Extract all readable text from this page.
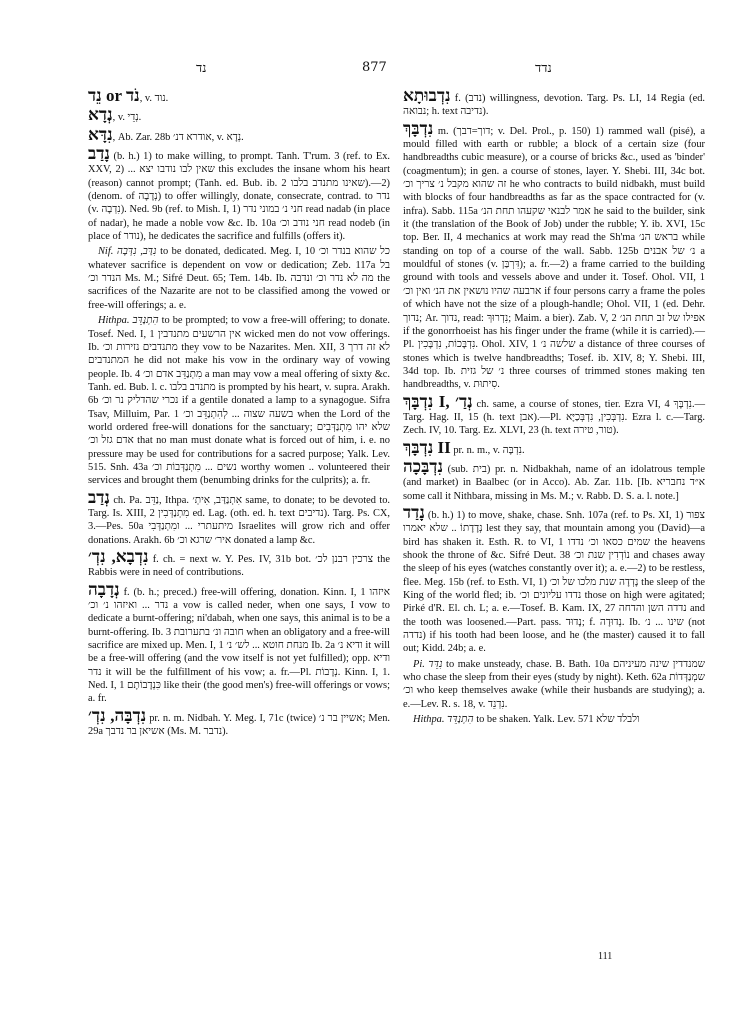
נד	877	נדד

נֵד or נֹד, v. נוד.

נְדָא, v. נְדֵי.

נִדָּא, Ab. Zar. 28b אודרא דנ׳, v. נְדָא.

נָדַב (b. h.) 1) to make willing, to prompt. Tanh. T'rum. 3 (ref. to Ex. XXV, 2) ... שאין לבו נודבו יצא this excludes the insane whom his heart (reason) cannot prompt; (Tanh. ed. Bub. ib. 2 שאינו מתנדב בלבו).—2) (denom. of נְדָבָה) to offer willingly, donate, consecrate, contrad. to נדר (v. נִדְבָה). Ned. 9b (ref. to Mish. I, 1) חני נ׳ במוני נדר read nadab (in place of nadar), he made a noble vow &c. Ib. 10a חני נודב וכ׳ read nodeb (in place of נודר), he dedicates the sacrifice and fulfills (offers it).

Nif. נִדַּב, נִדְּבָה to be donated, dedicated. Meg. I, 10 כל שהוא בנדר וכ׳ whatever sacrifice is dependent on vow or dedication; Zeb. 117a בל הנדר וכ׳ Ms. M.; Sifré Deut. 65; Tem. 14b. Ib. מה לא נדר וכ׳ ונדבה the sacrifices of the Nazarite are not to be classified among the vowed or free-will offerings; a. e.

Hithpa. הִתְנַדֵּב to be prompted; to vow a free-will offering; to donate. Tosef. Ned. I, 1 אין הרשעים מתנדבין wicked men do not vow offerings. Ib. מתנדבים נזירות וכ׳ they vow to be Nazarites. Men. XII, 3 לא זה דרך המתנדבים he did not make his vow in the ordinary way of vowing people. Ib. 4 מִתְנַדֵּב אדם וכ׳ a man may vow a meal offering of sixty &c. Tanh. ed. Bub. l. c. מתנדב בלבו is prompted by his heart, v. supra. Arakh. 6b נכרי שהדליק נר וכ׳ if a gentile donated a lamp to a synagogue. Sifra Tsav, Milluim, Par. 1 בשעה שצוה ... לְהִתְנַדֵּב וכ׳ when the Lord of the world ordered free-will donations for the sanctuary; שלא יהו מִתְנַדְּבִים אדם גזל וכ׳ that no man must donate what is forced out of him, i. e. no pressure may be used for contributions for a sacred purpose; Yalk. Lev. 515. Snh. 43a נשים ... מִתְנַדְּבוֹת וכ׳ worthy women .. volunteered their services and brought them (benumbing drinks for the culprits); a. fr.

נְדַב ch. Pa. נַדֵּב, Ithpa. אִתְנַדַּב, אִיתְ׳ same, to donate; to be devoted to. Targ. Is. XIII, 2 מִתְנַדְּבִין ed. Lag. (oth. ed. h. text נדיבים). Targ. Ps. CX, 3.—Pes. 50a מיתעתרי ... ומִתְנַדְּבִי Israelites will grow rich and offer donations. Arakh. 6b איר׳ שרגא וכ׳ donated a lamp &c.

נִדְבָא, נִדְ׳ f. ch. = next w. Y. Pes. IV, 31b bot. צרכין רבנן לכ׳ the Rabbis were in need of contributions.

נְדָבָה f. (b. h.; preced.) free-will offering, donation. Kinn. I, 1 איזהו נדר ... ואיזהו נ׳ וכ׳ a vow is called neder, when one says, I vow to dedicate a burnt-offering; ni'dabah, when one says, this animal is to be a burnt-offering. Ib. 3 חובה ונ׳ בתערובת when an obligatory and a free-will sacrifice are mixed up. Men. I, 1 מנחת חוטא ... לש׳ נ׳ Ib. 2a ודיא נ׳ it will be a free-will offering (and the vow itself is not yet fulfilled); opp. ודיא נדר it will be the fulfillment of his vow; a. fr.—Pl. נְדָבוֹת. Kinn. I, 1. Ned. I, 1 כִּנְדָבוֹתָם like their (the good men's) free-will offerings or vows; a. fr.

נִדְבָּה, נִדְ׳ pr. n. m. Nidbah. Y. Meg. I, 71c (twice) אשיין בר נ׳; Men. 29a אשיאן בר נדבך (Ms. M. נדבר).

נִדְבוּתָא f. (נדב) willingness, devotion. Targ. Ps. LI, 14 Regia (ed. נבואה; h. text נדיבה).

נִדְבָּךְ m. (דוך=דבך; v. Del. Prol., p. 150) 1) rammed wall (pisé), a mould filled with earth or rubble; a block of a certain size (four handbreadths cubic measure), or a course of bricks &c., used as 'binder' (coagmentum); in gen. a course of stones, layer. Y. Shebi. III, 34c bot. זה שהוא מקבל נ׳ צריך וכ׳ he who contracts to build nidbakh, must build with blocks of four handbreadths as far as the space contracted for (v. infra). Sabb. 115a אמר לבנאי שקעהו תחת הנ׳ he said to the builder, sink it (the translation of the Book of Job) under the rubble; Y. ib. XVI, 15c top. Ber. II, 4 mechanics at work may read the Sh'ma בראש הנ׳ while standing on top of a course of the wall. Sabb. 125b נ׳ של אבנים a mouldful of stones (v. דִּרְבַּן); a. fr.—2) a frame carried to the building ground with tools and vessels above and under it. Tosef. Ohol. VII, 1 ארבעה שהיו נושאין את הנ׳ ואין וכ׳ if four persons carry a frame the poles of which have not the size of a plough-handle; Ohol. VII, 1 (ed. Dehr. נדוך; Ar. נדוך, read: נִדְרוּךְ; Maim. a bier). Zab. V, 2 אפילו של זב תחת הנ׳ if the gonorrhoeist has his finger under the frame (while it is carried).—Pl. נִדְבָּכוֹת, נִדְבָּכִין. Ohol. XIV, 1 שלשה נ׳ a distance of three courses of stones which is twelve handbreadths; Tosef. ib. XIV, 8; Y. Shebi. III, 34d top. Ib. נ׳ של גזית three courses of trimmed stones making ten handbreadths, v. סִיתוּת.

נִדְבָּךְ I, נְדַ׳ ch. same, a course of stones, tier. Ezra VI, 4 נִדְבָּךְ.—Targ. Hag. II, 15 (h. text אבן).—Pl. נִדְבְּכִין, נִדְבְּכַיָּא. Ezra l. c.—Targ. Zech. IV, 10. Targ. Ez. XLVI, 23 (h. text טור, טירה).

נִדְבָּךְ II pr. n. m., v. נִדְבָּה.

נִדְבָּכָה (sub. בית) pr. n. Nidbakhah, name of an idolatrous temple (and market) in Baalbec (or in Acco). Ab. Zar. 11b. [Ib. א״ד נחבריא some call it Nithbara, missing in Ms. M.; v. Rabb. D. S. a. l. note.]

נָדַד (b. h.) 1) to move, shake, chase. Snh. 107a (ref. to Ps. XI, 1) צפור נְדָדָתוֹ .. שלא יאמרו lest they say, that mountain among you (David)—a bird has shaken it. Esth. R. to VI, 1 שמים כסאו וכ׳ נדדו the heavens shook the throne of &c. Sifré Deut. 38 נוֹדְדִין שנת וכ׳ and chases away the sleep of his eyes (watches constantly over it); a. e.—2) to be restless, flee. Meg. 15b (ref. to Esth. VI, 1) נָדְדָה שנת מלכו של וכ׳ the sleep of the King of the world fled; ib. נדדו עליונים וכ׳ those on high were agitated; Pirké d'R. El. ch. L; a. e.—Tosef. B. Kam. IX, 27 נדדה השן והדחה and the tooth was loosened.—Part. pass. נָדוּד; f. נְדוּדָה. Ib. שינו ... נ׳ (not נדדה) if his tooth had been loose, and he (the master) caused it to fall out; Kidd. 24b; a. e.

Pi. נִדֵּד to make unsteady, chase. B. Bath. 10a שמנדדין שינה מעיניהם who chase the sleep from their eyes (study by night). Keth. 62a שמְנַדְּדוֹת וכ׳ who keep themselves awake (while their husbands are studying); a. e.—Lev. R. s. 18, v. נִדְנֵד.

Hithpa. הִתְנַדֵּד to be shaken. Yalk. Lev. 571 ולבלד שלא

111
